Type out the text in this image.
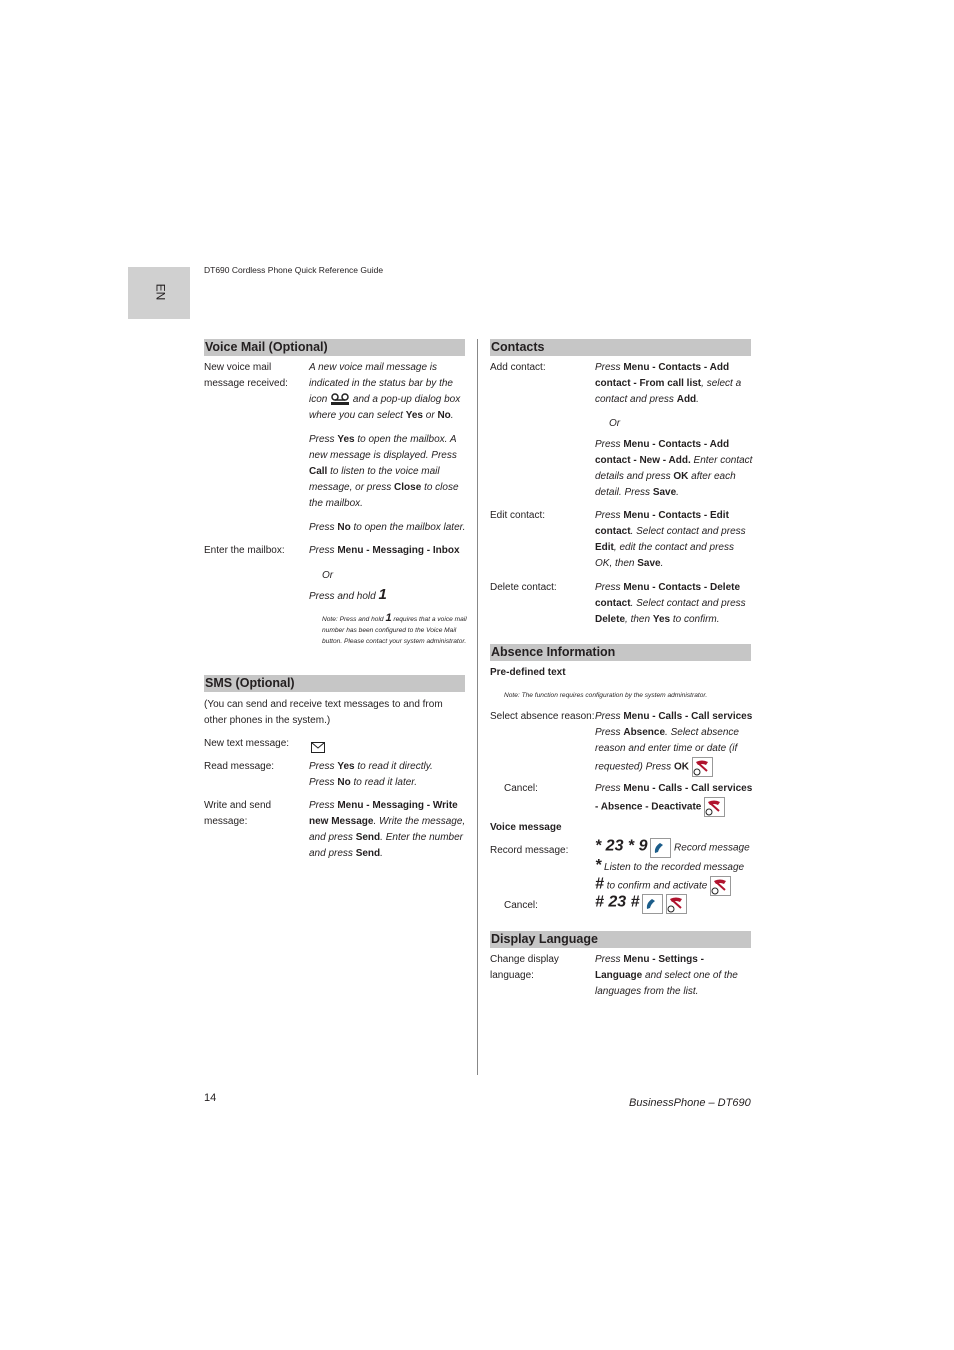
EN
DT690 Cordless Phone Quick Reference Guide
Voice Mail (Optional)
New voice mail message received:
A new voice mail message is indicated in the status bar by the icon	and a pop-up dialog box where you can select Yes or No.
Press Yes to open the mailbox. A new message is displayed. Press Call to listen to the voice mail message, or press Close to close the mailbox.
Press No to open the mailbox later.
Enter the mailbox: Press Menu - Messaging - Inbox
Or
Press and hold 1
Note: Press and hold 1 requires that a voice mail number has been configured to the Voice Mail button. Please contact your system administrator.
SMS (Optional)
(You can send and receive text messages to and from other phones in the system.)
New text message:
Read message:	Press Yes to read it directly.
Press No to read it later.
Write and send message:
Press Menu - Messaging - Write new Message. Write the message, and press Send. Enter the number and press Send.
Contacts
Add contact:	Press Menu - Contacts - Add contact - From call list, select a contact and press Add.
Or
Press Menu - Contacts - Add contact - New - Add. Enter contact details and press OK after each detail. Press Save.
Edit contact:	Press Menu - Contacts - Edit contact. Select contact and press Edit, edit the contact and press OK, then Save.
Delete contact:	Press Menu - Contacts - Delete contact. Select contact and press Delete, then Yes to confirm.
Absence Information
Pre-defined text
Note: The function requires configuration by the system administrator.
Select absence reason: Press Menu - Calls - Call services
Press Absence. Select absence reason and enter time or date (if requested) Press OK
Cancel:	Press Menu - Calls - Call services - Absence - Deactivate
Voice message
Record message: * 23 * 9	Record message
* Listen to the recorded message
# to confirm and activate
Cancel:	# 23 #
Display Language
Change display language:
Press Menu - Settings - Language and select one of the languages from the list.
14	BusinessPhone – DT690
